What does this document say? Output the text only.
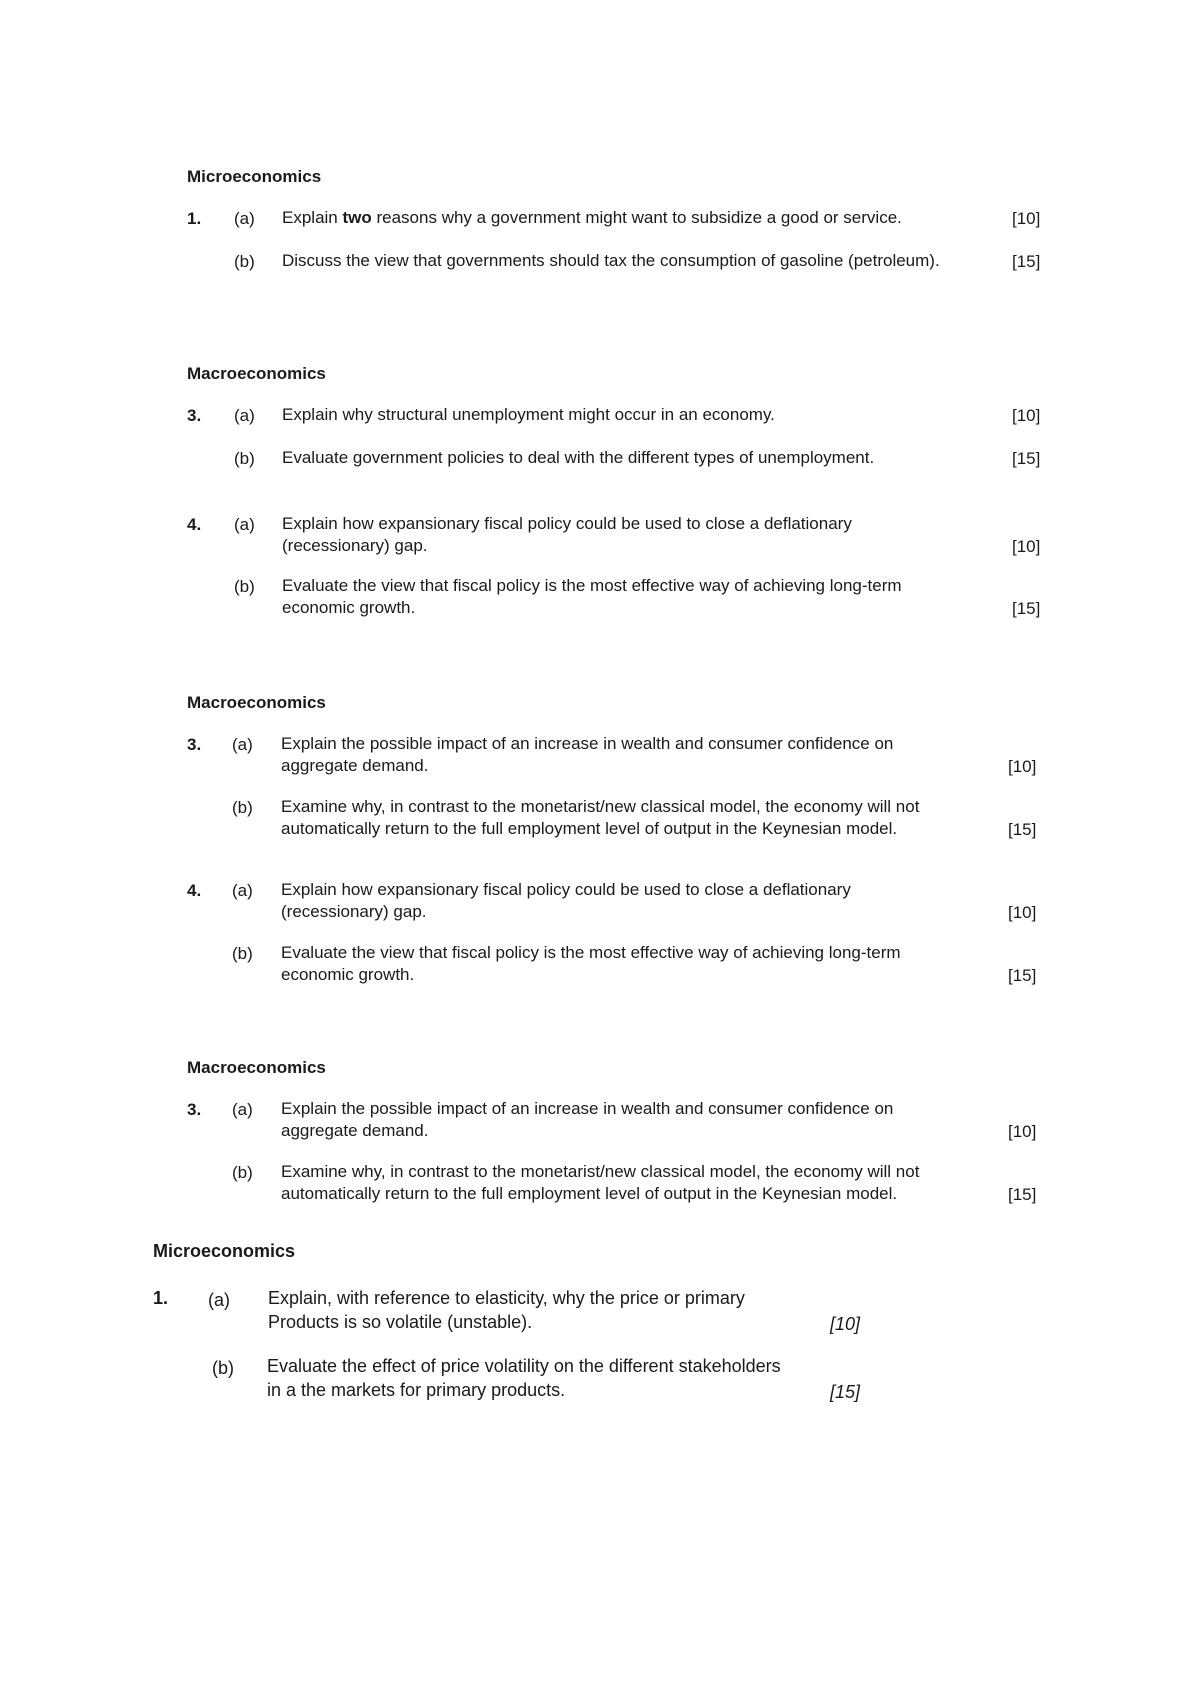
Microeconomics
1. (a) Explain two reasons why a government might want to subsidize a good or service.	[10]
(b) Discuss the view that governments should tax the consumption of gasoline (petroleum).	[15]
Macroeconomics
3. (a) Explain why structural unemployment might occur in an economy.	[10]
(b) Evaluate government policies to deal with the different types of unemployment.	[15]
4. (a) Explain how expansionary fiscal policy could be used to close a deflationary
(recessionary) gap.	[10]
(b) Evaluate the view that fiscal policy is the most effective way of achieving long-term
economic growth.	[15]
Macroeconomics
3. (a) Explain the possible impact of an increase in wealth and consumer confidence on
aggregate demand.	[10]
(b) Examine why, in contrast to the monetarist/new classical model, the economy will not
automatically return to the full employment level of output in the Keynesian model.	[15]
4. (a) Explain how expansionary fiscal policy could be used to close a deflationary
(recessionary) gap.	[10]
(b) Evaluate the view that fiscal policy is the most effective way of achieving long-term
economic growth.	[15]
Macroeconomics
3. (a) Explain the possible impact of an increase in wealth and consumer confidence on
aggregate demand.	[10]
(b) Examine why, in contrast to the monetarist/new classical model, the economy will not
automatically return to the full employment level of output in the Keynesian model.	[15]
Microeconomics
1. (a) Explain, with reference to elasticity, why the price or primary
Products is so volatile (unstable).	[10]
(b) Evaluate the effect of price volatility on the different stakeholders
in a the markets for primary products.	[15]
